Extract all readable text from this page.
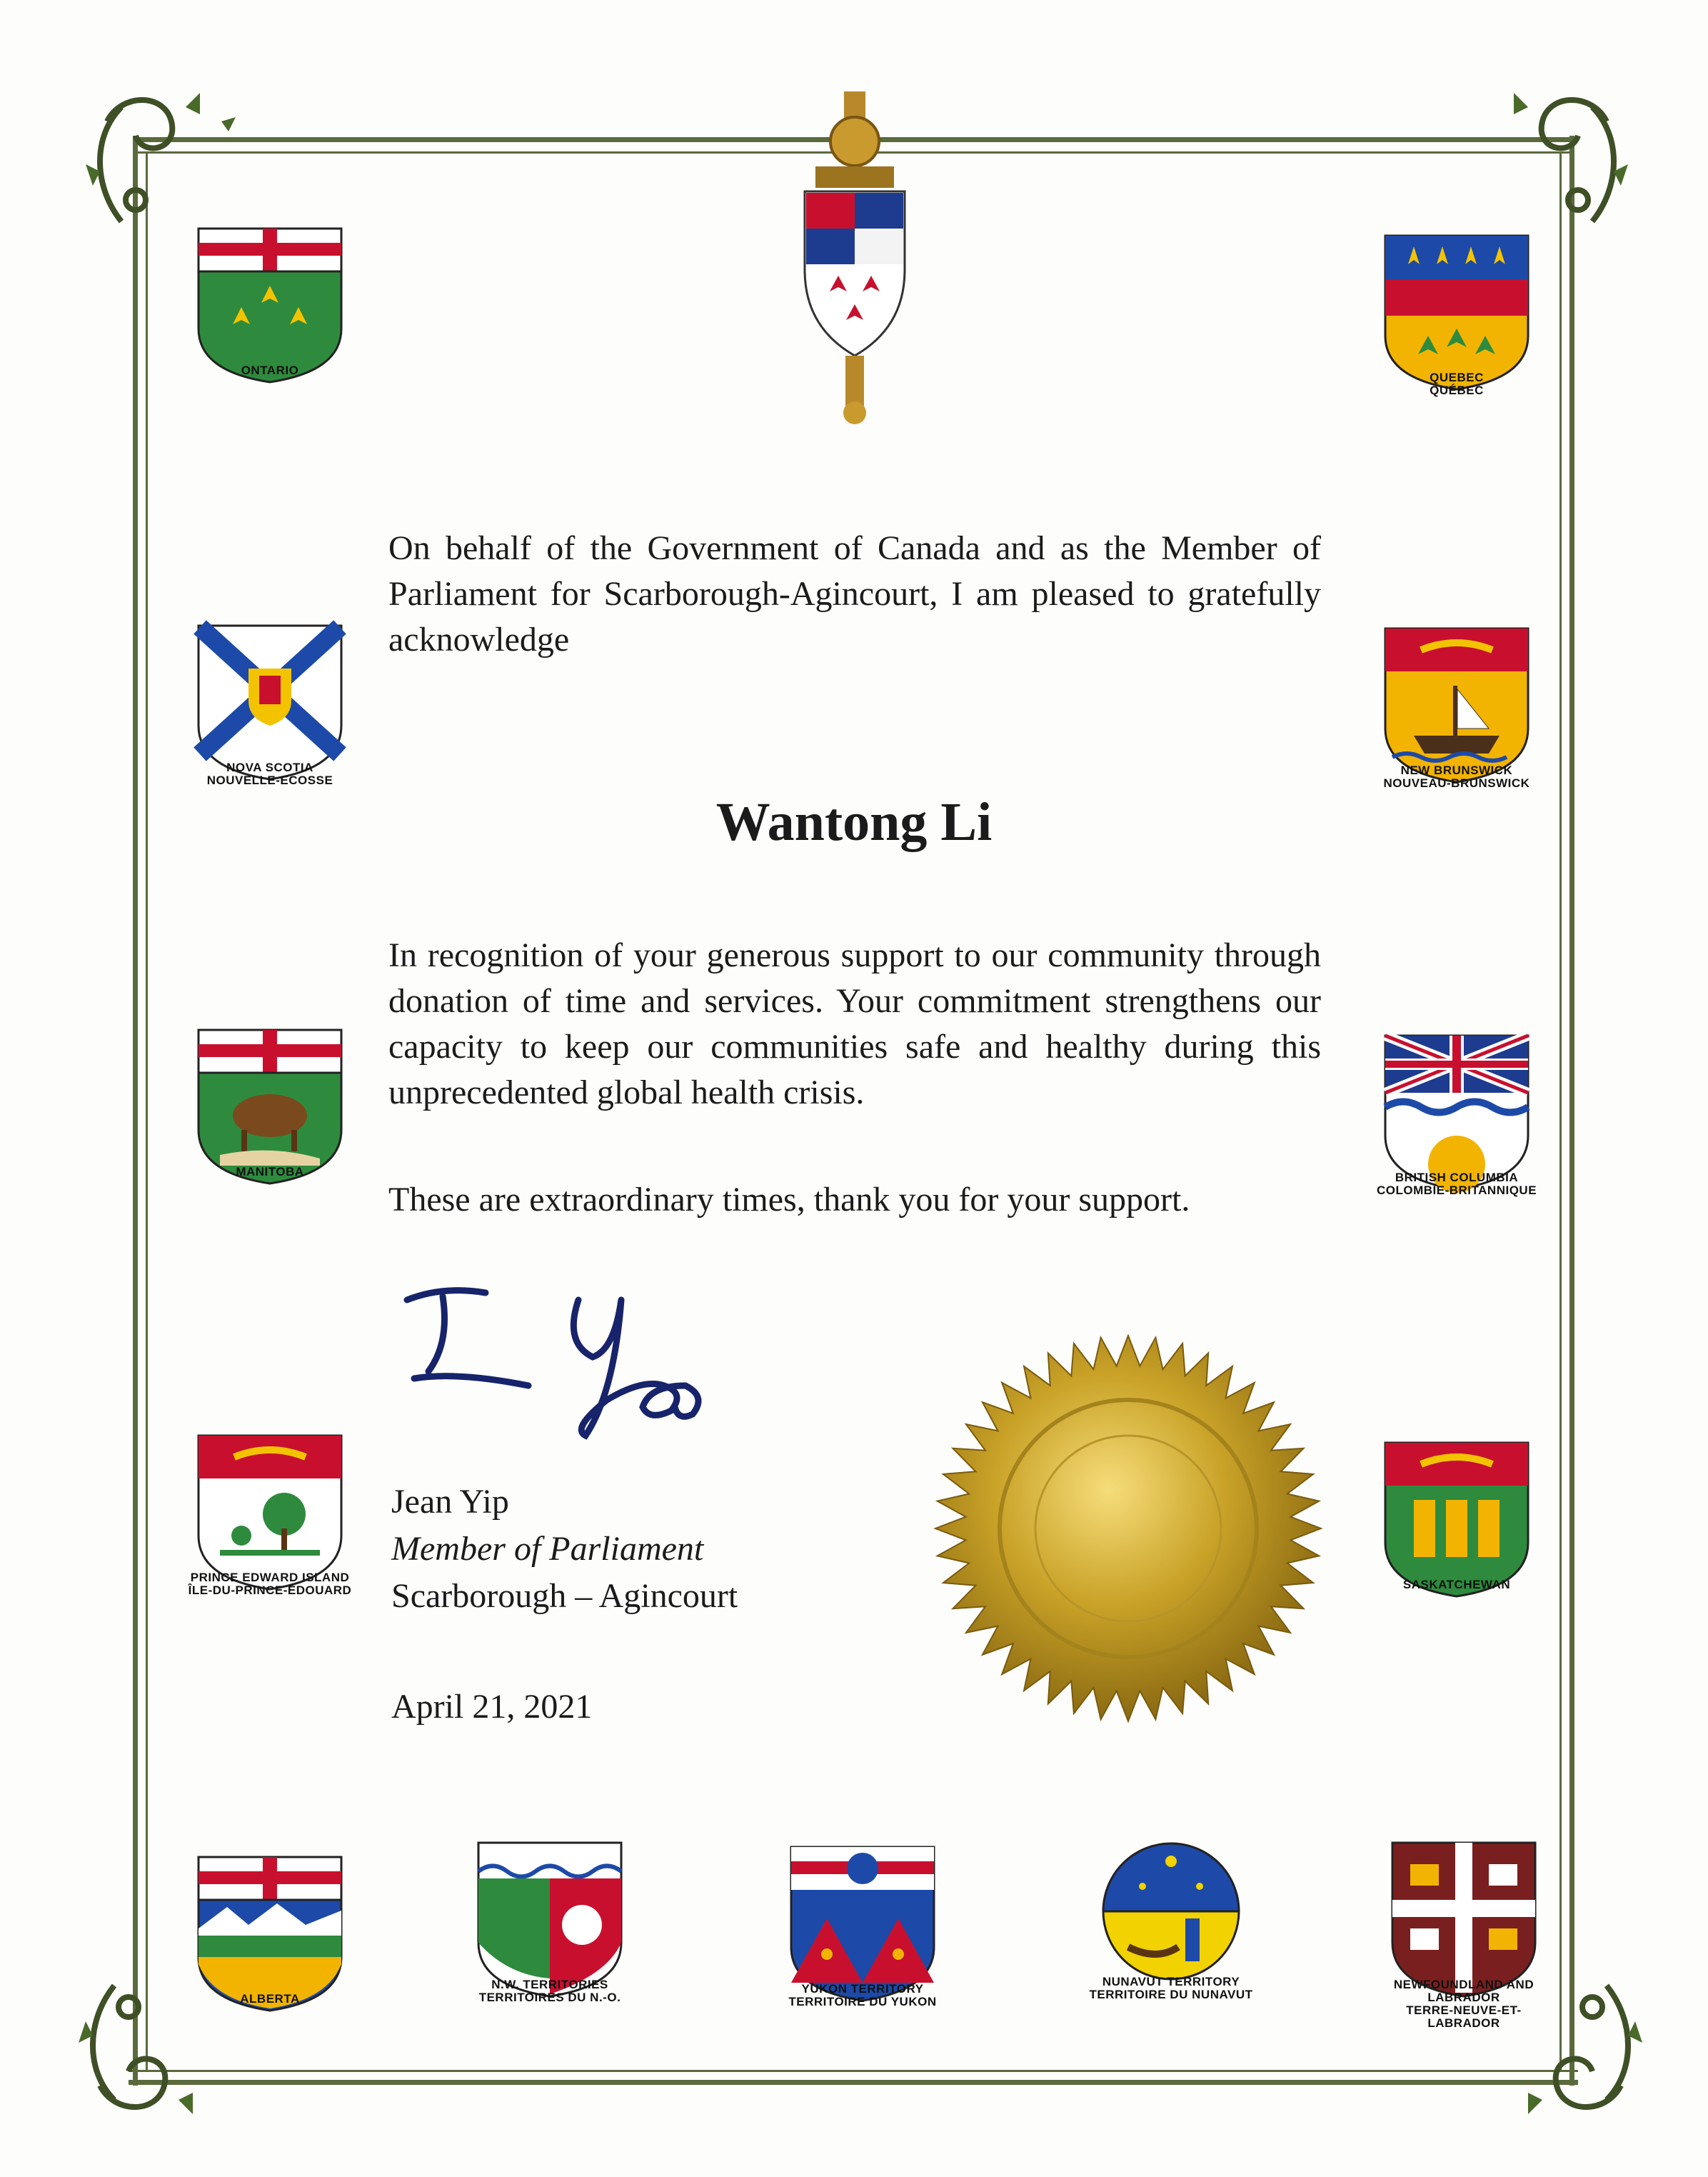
ONTARIO
QUEBEC
QUÉBEC
NOVA SCOTIA
NOUVELLE-ECOSSE
NEW BRUNSWICK
NOUVEAU-BRUNSWICK
MANITOBA	BRITISH COLUMBIA
COLOMBIE-BRITANNIQUE
PRINCE EDWARD ISLAND
ÎLE-DU-PRINCE-ÉDOUARD	SASKATCHEWAN
ALBERTA
N.W. TERRITORIES
TERRITOIRES DU N.-O.
YUKON TERRITORY
TERRITOIRE DU YUKON
NUNAVUT TERRITORY
TERRITOIRE DU NUNAVUT
NEWFOUNDLAND AND LABRADOR
TERRE-NEUVE-ET-LABRADOR

On behalf of the Government of Canada and as the Member of Parliament for Scarborough-Agincourt, I am pleased to gratefully acknowledge

Wantong Li

In recognition of your generous support to our community through donation of time and services. Your commitment strengthens our capacity to keep our communities safe and healthy during this unprecedented global health crisis.

These are extraordinary times, thank you for your support.
Jean Yip
Member of Parliament
Scarborough – Agincourt
April 21, 2021
